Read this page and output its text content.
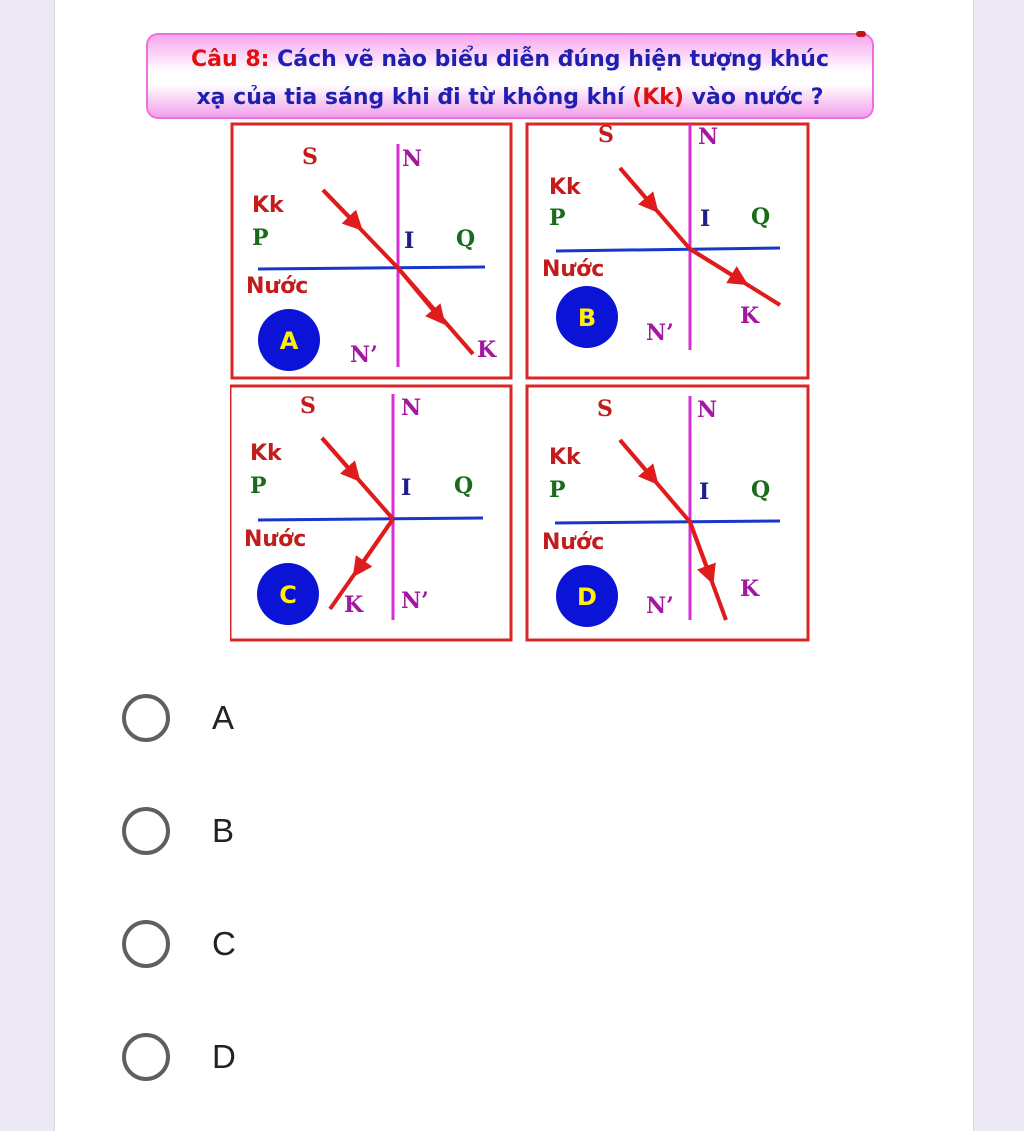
Câu 8: Cách vẽ nào biểu diễn đúng hiện tượng khúc
xạ của tia sáng khi đi từ không khí (Kk) vào nước ?
S	N
Kk
P	I Q
Nước
N’	K
A
S	N
Kk
P	I Q
Nước
N’
K
B
S	N
Kk
P	I Q
Nước
K N’
C
S	N
Kk
P	I Q
Nước
N’
K
D
A
B
C
D
